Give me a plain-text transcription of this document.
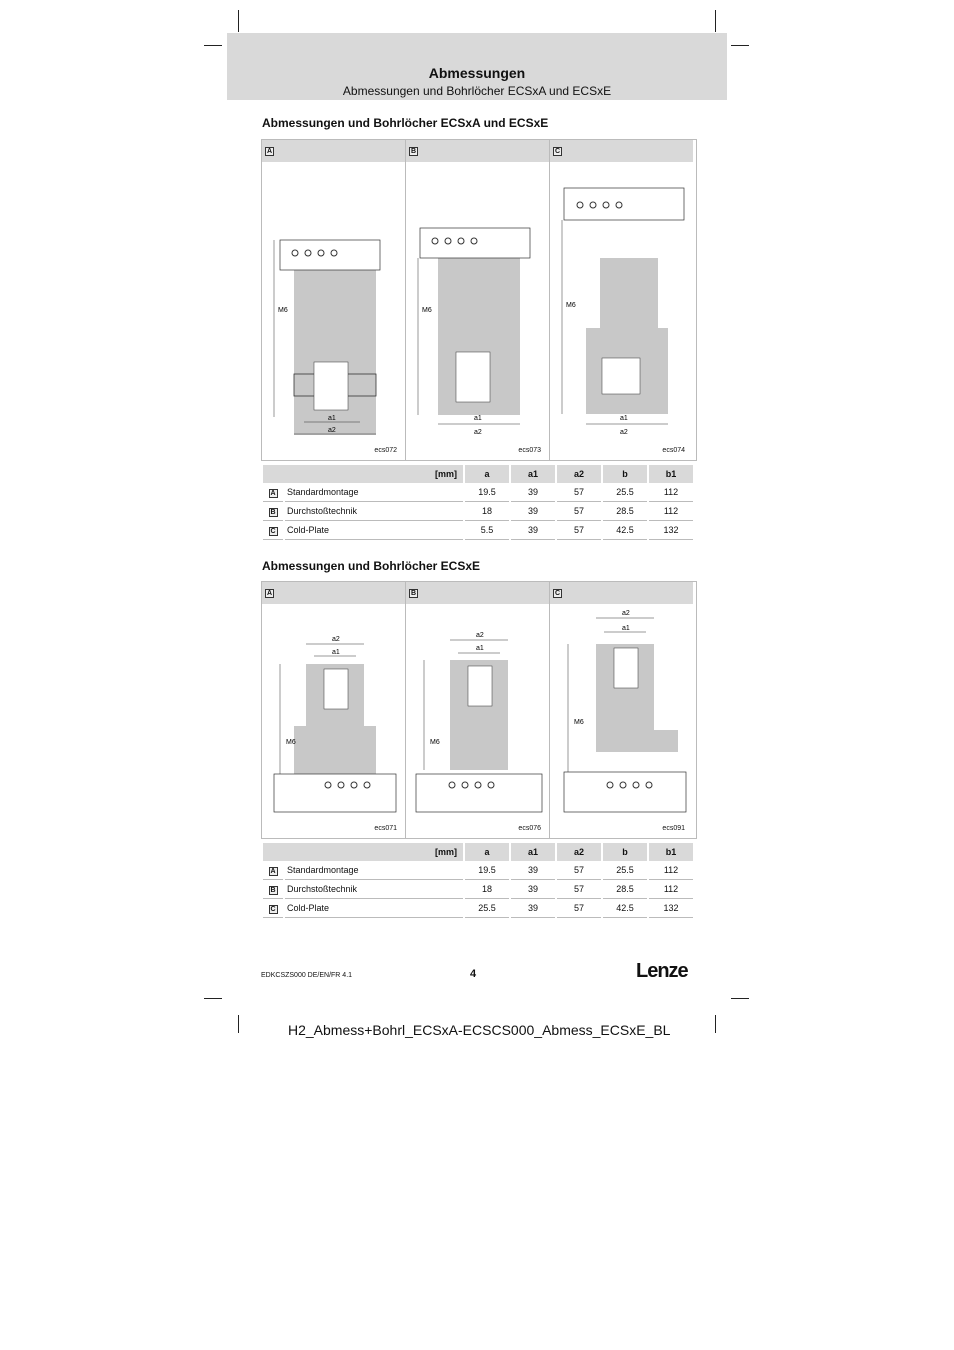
Abmessungen
Abmessungen und Bohrlöcher ECSxA und ECSxE
Abmessungen und Bohrlöcher ECSxA und ECSxE
A
M6
a1
a2
ecs072
B
M6
a1
a2
ecs073
C
M6
a1
a2
ecs074
[mm]		a	a1	a2	b	b1
A	Standardmontage	19.5	39	57	25.5	112
B	Durchstoßtechnik	18	39	57	28.5	112
C	Cold-Plate	5.5	39	57	42.5	132
Abmessungen und Bohrlöcher ECSxE
A
a2
a1
M6
ecs071
B
a2
a1
M6
ecs076
C
a2
a1
M6
ecs091
[mm]		a	a1	a2	b	b1
A	Standardmontage	19.5	39	57	25.5	112
B	Durchstoßtechnik	18	39	57	28.5	112
C	Cold-Plate	25.5	39	57	42.5	132
EDKCSZS000 DE/EN/FR 4.1	4	Lenze
H2_Abmess+Bohrl_ECSxA-ECSCS000_Abmess_ECSxE_BL
